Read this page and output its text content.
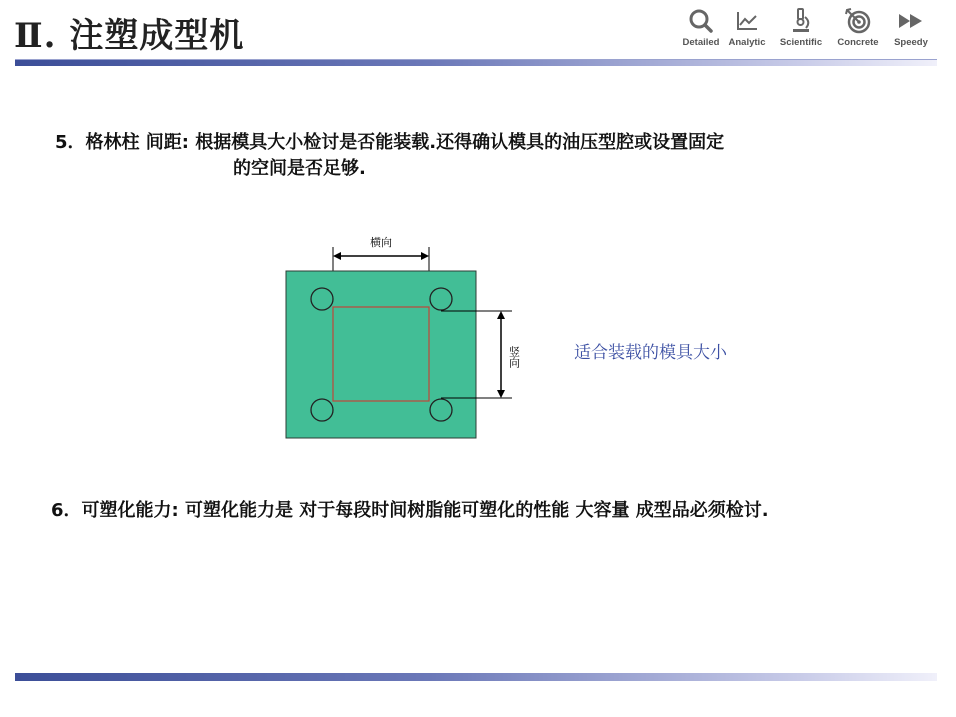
Ⅱ. 注塑成型机	Detailed Analytic	Scientific	Concrete	Speedy
5．格林柱 间距: 根据模具大小检讨是否能装载.还得确认模具的油压型腔或设置固定
的空间是否足够.
横向
竖向	适合装载的模具大小
6．可塑化能力: 可塑化能力是 对于每段时间树脂能可塑化的性能 大容量 成型品必须检讨.
